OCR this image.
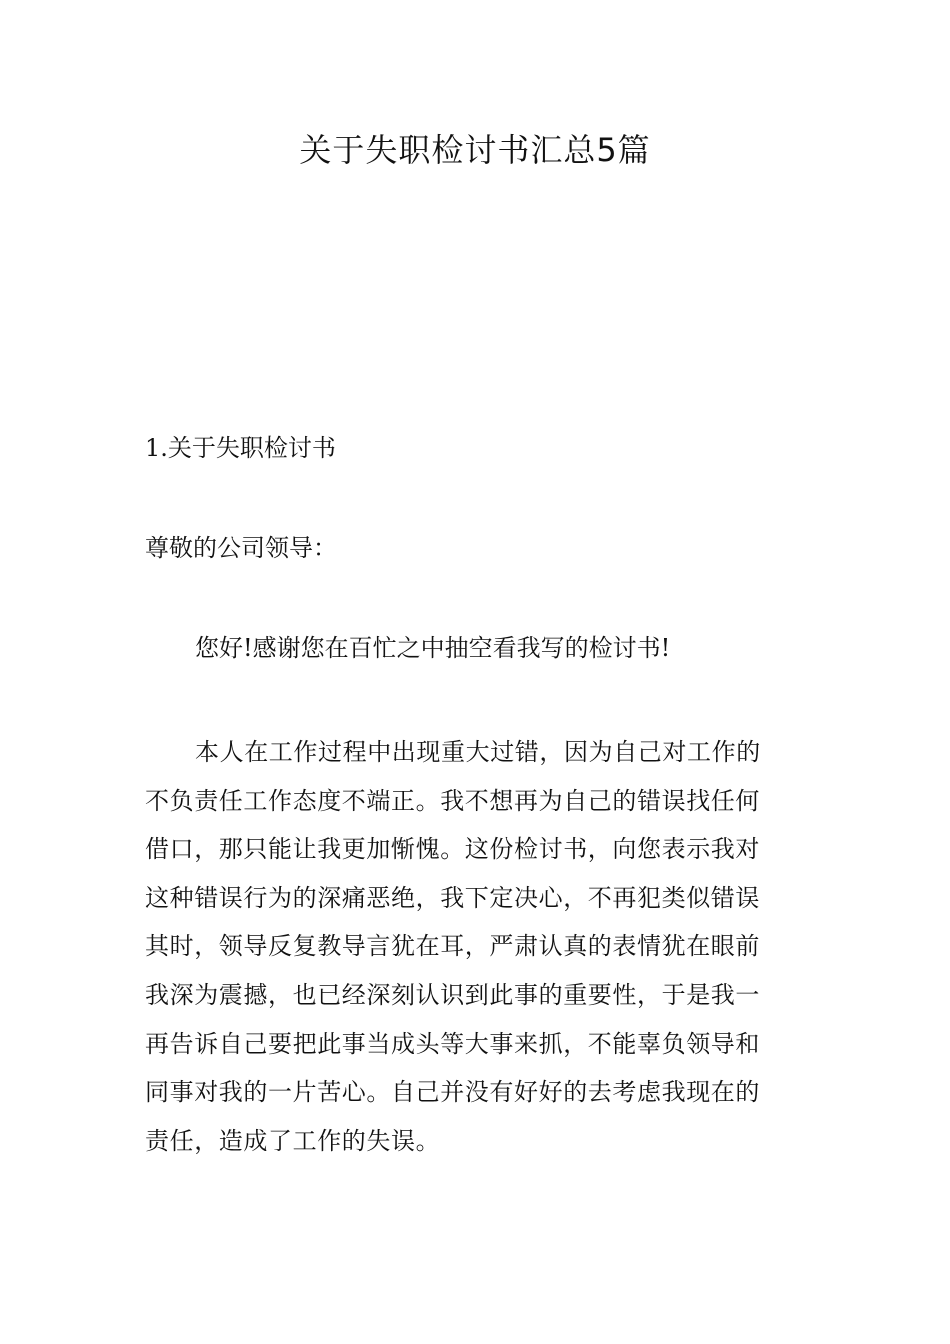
关于失职检讨书汇总5篇
1.关于失职检讨书

尊敬的公司领导：

您好!感谢您在百忙之中抽空看我写的检讨书!

本人在工作过程中出现重大过错，因为自己对工作的

不负责任工作态度不端正。我不想再为自己的错误找任何

借口，那只能让我更加惭愧。这份检讨书，向您表示我对

这种错误行为的深痛恶绝，我下定决心，不再犯类似错误

其时，领导反复教导言犹在耳，严肃认真的表情犹在眼前

我深为震撼，也已经深刻认识到此事的重要性，于是我一

再告诉自己要把此事当成头等大事来抓，不能辜负领导和

同事对我的一片苦心。自己并没有好好的去考虑我现在的

责任，造成了工作的失误。
